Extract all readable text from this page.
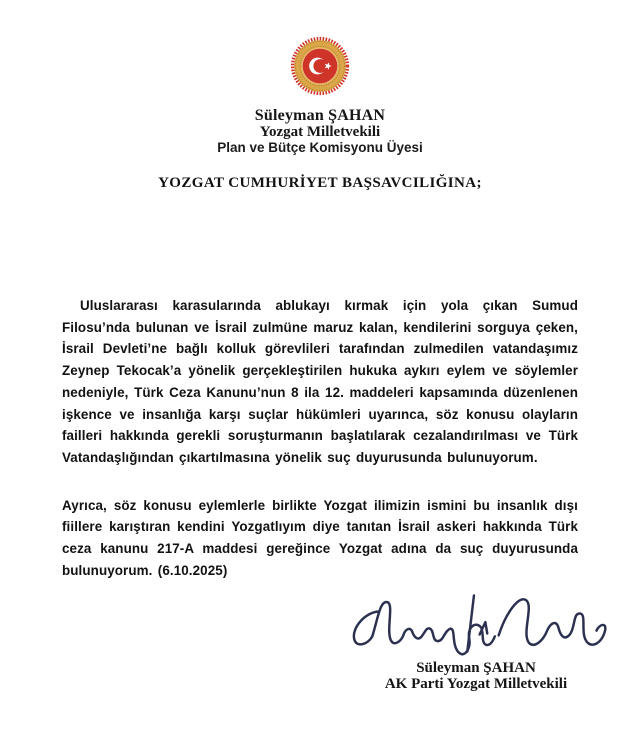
Süleyman ŞAHAN
Yozgat Milletvekili
Plan ve Bütçe Komisyonu Üyesi
YOZGAT CUMHURİYET BAŞSAVCILIĞINA;

Uluslararası karasularında ablukayı kırmak için yola çıkan Sumud Filosu’nda bulunan ve İsrail zulmüne maruz kalan, kendilerini sorguya çeken, İsrail Devleti’ne bağlı kolluk görevlileri tarafından zulmedilen vatandaşımız Zeynep Tekocak’a yönelik gerçekleştirilen hukuka aykırı eylem ve söylemler nedeniyle, Türk Ceza Kanunu’nun 8 ila 12. maddeleri kapsamında düzenlenen işkence ve insanlığa karşı suçlar hükümleri uyarınca, söz konusu olayların failleri hakkında gerekli soruşturmanın başlatılarak cezalandırılması ve Türk Vatandaşlığından çıkartılmasına yönelik suç duyurusunda bulunuyorum.

Ayrıca, söz konusu eylemlerle birlikte Yozgat ilimizin ismini bu insanlık dışı fiillere karıştıran kendini Yozgatlıyım diye tanıtan İsrail askeri hakkında Türk ceza kanunu 217-A maddesi gereğince Yozgat adına da suç duyurusunda bulunuyorum. (6.10.2025)

Süleyman ŞAHAN
AK Parti Yozgat Milletvekili
